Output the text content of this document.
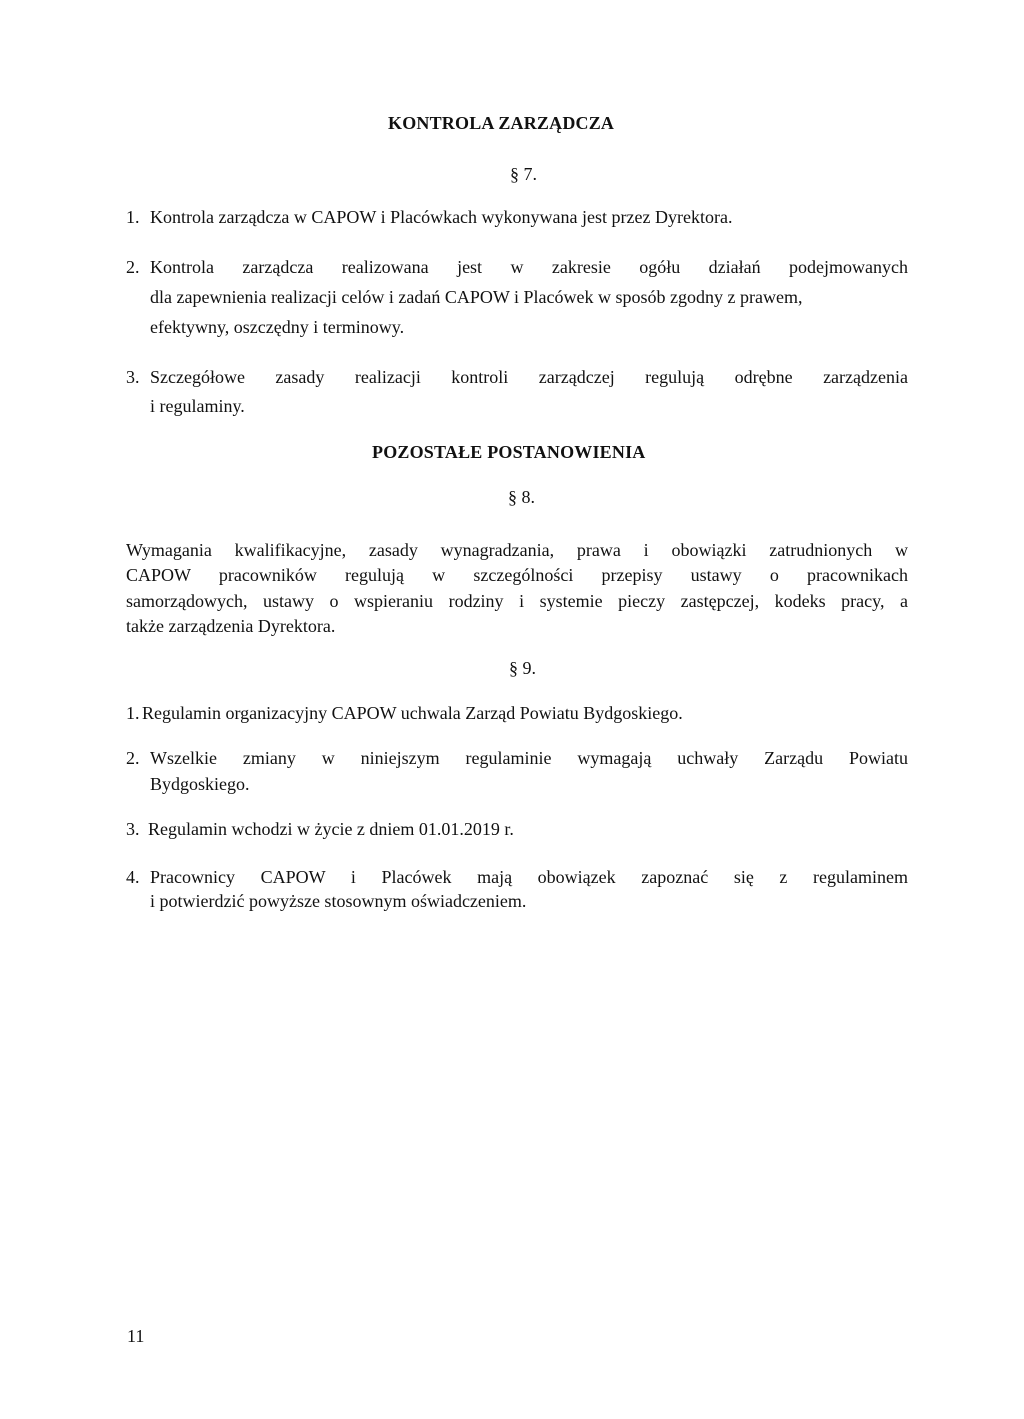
KONTROLA ZARZĄDCZA
§ 7.
1. Kontrola zarządcza w CAPOW i Placówkach wykonywana jest przez Dyrektora.
2. Kontrola zarządcza realizowana jest w zakresie ogółu działań podejmowanych
dla zapewnienia realizacji celów i zadań CAPOW i Placówek w sposób zgodny z prawem,
efektywny, oszczędny i terminowy.
3. Szczegółowe zasady realizacji kontroli zarządczej regulują odrębne zarządzenia
i regulaminy.
POZOSTAŁE POSTANOWIENIA
§ 8.
Wymagania kwalifikacyjne, zasady wynagradzania, prawa i obowiązki zatrudnionych w
CAPOW pracowników regulują w szczególności przepisy ustawy o pracownikach
samorządowych, ustawy o wspieraniu rodziny i systemie pieczy zastępczej, kodeks pracy, a
także zarządzenia Dyrektora.
§ 9.
1. Regulamin organizacyjny CAPOW uchwala Zarząd Powiatu Bydgoskiego.
2. Wszelkie zmiany w niniejszym regulaminie wymagają uchwały Zarządu Powiatu
Bydgoskiego.
3. Regulamin wchodzi w życie z dniem 01.01.2019 r.
4. Pracownicy CAPOW i Placówek mają obowiązek zapoznać się z regulaminem
i potwierdzić powyższe stosownym oświadczeniem.
11
